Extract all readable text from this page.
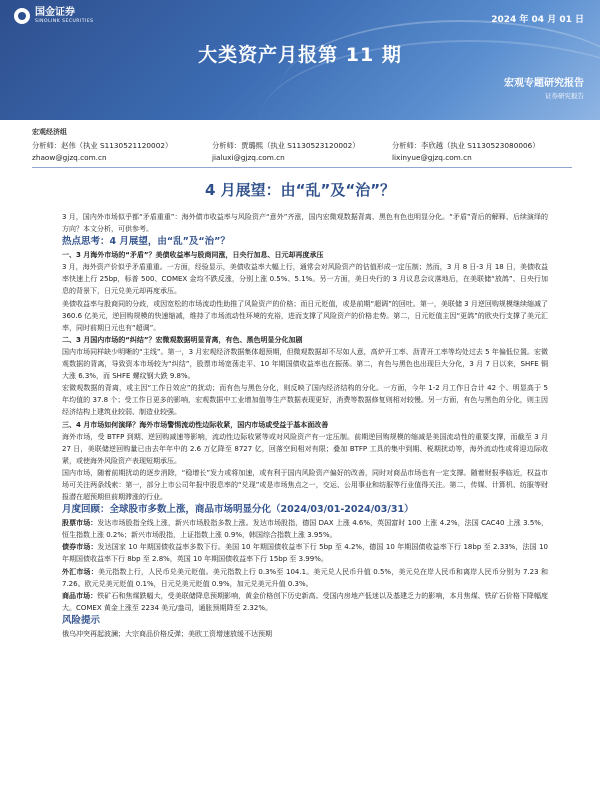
国金证券
SINOLINK SECURITIES	2024 年 04 月 01 日
大类资产月报第 11 期
宏观专题研究报告
证券研究报告
宏观经济组
分析师：赵伟（执业 S1130521120002）
zhaow@gjzq.com.cn
分析师：贾璐熙（执业 S1130523120002）
jialuxi@gjzq.com.cn
分析师：李欣越（执业 S1130523080006）
lixinyue@gjzq.com.cn
4 月展望：由“乱”及“治”？

3 月，国内外市场似乎都“矛盾重重”：海外债市收益率与风险资产“意外”齐涨，国内宏微观数据背离、黑色有色也明显分化。“矛盾”背后的解释、后续演绎的方向？本文分析，可供参考。

热点思考：4 月展望，由“乱”及“治”？
一、3 月海外市场的“矛盾”？美债收益率与股商同涨，日央行加息、日元却再度承压

3 月，海外资产价似乎矛盾重重。一方面，经验显示，美债收益率大幅上行，通常会对风险资产的估值形成一定压制；然而，3 月 8 日-3 月 18 日，美债收益率快速上行 25bp，标普 500、COMEX 金均不跌反涨，分别上涨 0.5%、5.1%。另一方面，美日央行的 3 月议息会议落地后，在美联储“放鸽”、日央行加息的背景下，日元兑美元却再度承压。

美债收益率与股商同的分歧，或因宽松的市场流动性助推了风险资产的价格；而日元贬值，或是前期“超调”的回吐。第一，美联储 3 月逆回购规模继续缩减了 360.6 亿美元，逆回购规模的快速缩减，维持了市场流动性环境的充裕，进而支撑了风险资产的价格走势。第二，日元贬值主因“更鸽”的欧央行支撑了美元汇率，同时前期日元也有“超调”。

二、3 月国内市场的“纠结”？宏微观数据明显背离，有色、黑色明显分化加剧

国内市场同样缺少明晰的“主线”。第一，3 月宏观经济数据集体超预期，但微观数据却不尽如人意，高炉开工率、沥青开工率等均处过去 5 年偏低位置。宏微观数据的背离，导致资本市场较为“纠结”，股票市场宽荡走平、10 年期国债收益率也在振荡。第二，有色与黑色也出现巨大分化，3 月 7 日以来，SHFE 铜大涨 6.3%，而 SHFE 螺纹钢大跌 9.8%。

宏微观数据的背离，或主因“工作日效应”的扰动；而有色与黑色分化，则反映了国内经济结构的分化。一方面，今年 1-2 月工作日合计 42 个、明显高于 5 年均值的 37.8 个；受工作日更多的影响，宏观数据中工业增加值等生产数据表现更好，消费等数据修复则相对较慢。另一方面，有色与黑色的分化，则主因经济结构上建筑业较弱、制造业较强。

三、4 月市场如何演绎？海外市场警惕流动性边际收紧，国内市场或受益于基本面改善

海外市场，受 BTFP 到期、逆回购减速等影响，流动性边际收紧等或对风险资产有一定压制。前期逆回购规模的缩减是美国流动性的重要支撑，而截至 3 月 27 日，美联储逆回购量已由去年年中的 2.6 万亿降至 8727 亿，回落空间相对有限；叠加 BTFP 工具的集中到期、税期扰动等，海外流动性或将迎边际收紧，或使海外风险资产表现短期承压。

国内市场，随着前期扰动的逐步消除，“稳增长”发力或将加速，或有利于国内风险资产偏好的改善，同时对商品市场也有一定支撑。随着财报季临近，权益市场可关注两条线索：第一，部分上市公司年报中股息率的“兑现”或是市场焦点之一，交运、公用事业和纺服等行业值得关注。第二，传媒、计算机、纺服等财报潜在超预期但前期滞涨的行业。

月度回顾：全球股市多数上涨，商品市场明显分化（2024/03/01-2024/03/31）

股票市场：发达市场股指全线上涨，新兴市场股指多数上涨。发达市场股指，德国 DAX 上涨 4.6%，英国富时 100 上涨 4.2%，法国 CAC40 上涨 3.5%，恒生指数上涨 0.2%；新兴市场股指，上证指数上涨 0.9%，韩国综合指数上涨 3.95%。

债券市场：发达国家 10 年期国债收益率多数下行。美国 10 年期国债收益率下行 5bp 至 4.2%，德国 10 年期国债收益率下行 18bp 至 2.33%，法国 10 年期国债收益率下行 8bp 至 2.8%，英国 10 年期国债收益率下行 15bp 至 3.99%。

外汇市场：美元指数上行，人民币兑美元贬值。美元指数上行 0.3%至 104.1。美元兑人民币升值 0.5%，美元兑在岸人民币和离岸人民币分别为 7.23 和 7.26。欧元兑美元贬值 0.1%，日元兑美元贬值 0.9%，加元兑美元升值 0.3%。

商品市场：铁矿石和焦煤跌幅大，受美联储降息预期影响，黄金价格创下历史新高。受国内房地产低迷以及基建乏力的影响，本月焦煤、铁矿石价格下降幅度大。COMEX 黄金上涨至 2234 美元/盎司，通胀预期降至 2.32%。

风险提示

俄乌冲突再起波澜；大宗商品价格反弹；美欧工资增速放缓不达预期
